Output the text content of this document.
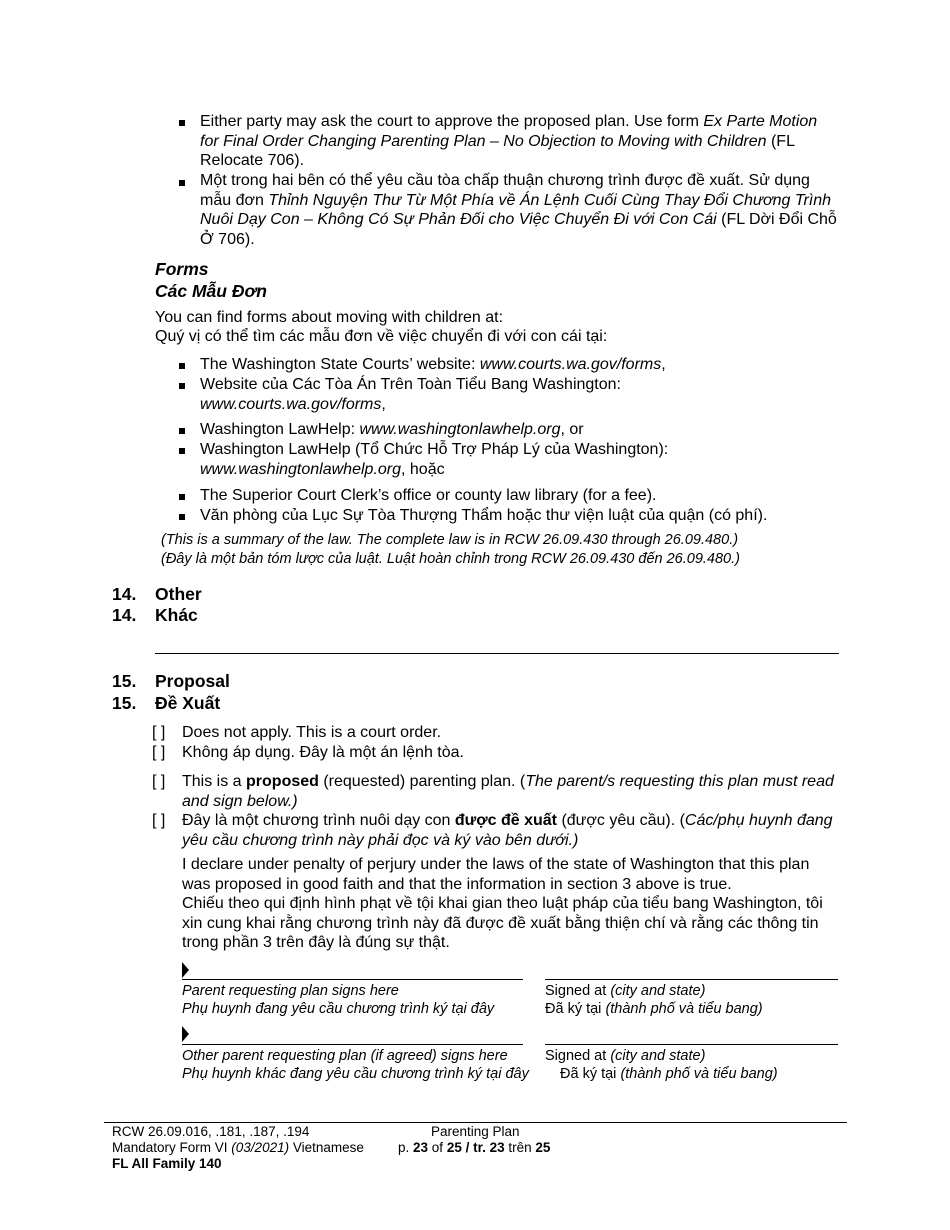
Either party may ask the court to approve the proposed plan. Use form Ex Parte Motion for Final Order Changing Parenting Plan – No Objection to Moving with Children (FL Relocate 706).
Một trong hai bên có thể yêu cầu tòa chấp thuận chương trình được đề xuất. Sử dụng mẫu đơn Thỉnh Nguyện Thư Từ Một Phía về Án Lệnh Cuối Cùng Thay Đổi Chương Trình Nuôi Dạy Con – Không Có Sự Phản Đối cho Việc Chuyển Đi với Con Cái (FL Dời Đổi Chỗ Ở 706).
Forms
Các Mẫu Đơn
You can find forms about moving with children at:
Quý vị có thể tìm các mẫu đơn về việc chuyển đi với con cái tại:
The Washington State Courts’ website: www.courts.wa.gov/forms,
Website của Các Tòa Án Trên Toàn Tiểu Bang Washington:
www.courts.wa.gov/forms,
Washington LawHelp: www.washingtonlawhelp.org, or
Washington LawHelp (Tổ Chức Hỗ Trợ Pháp Lý của Washington):
www.washingtonlawhelp.org, hoặc
The Superior Court Clerk’s office or county law library (for a fee).
Văn phòng của Lục Sự Tòa Thượng Thẩm hoặc thư viện luật của quận (có phí).
(This is a summary of the law. The complete law is in RCW 26.09.430 through 26.09.480.)
(Đây là một bản tóm lược của luật. Luật hoàn chỉnh trong RCW 26.09.430 đến 26.09.480.)
14. Other
14. Khác
15. Proposal
15. Đề Xuất
[ ] Does not apply. This is a court order.
[ ] Không áp dụng. Đây là một án lệnh tòa.
[ ] This is a proposed (requested) parenting plan. (The parent/s requesting this plan must read and sign below.)
[ ] Đây là một chương trình nuôi dạy con được đề xuất (được yêu cầu). (Các/phụ huynh đang yêu cầu chương trình này phải đọc và ký vào bên dưới.)
I declare under penalty of perjury under the laws of the state of Washington that this plan was proposed in good faith and that the information in section 3 above is true.
Chiếu theo qui định hình phạt về tội khai gian theo luật pháp của tiểu bang Washington, tôi xin cung khai rằng chương trình này đã được đề xuất bằng thiện chí và rằng các thông tin trong phần 3 trên đây là đúng sự thật.
Parent requesting plan signs here
Phụ huynh đang yêu cầu chương trình ký tại đây
Signed at (city and state)
Đã ký tại (thành phố và tiểu bang)
Other parent requesting plan (if agreed) signs here
Phụ huynh khác đang yêu cầu chương trình ký tại đây
Signed at (city and state)
Đã ký tại (thành phố và tiểu bang)
RCW 26.09.016, .181, .187, .194
Mandatory Form VI (03/2021) Vietnamese
FL All Family 140
Parenting Plan
p. 23 of 25 / tr. 23 trên 25
